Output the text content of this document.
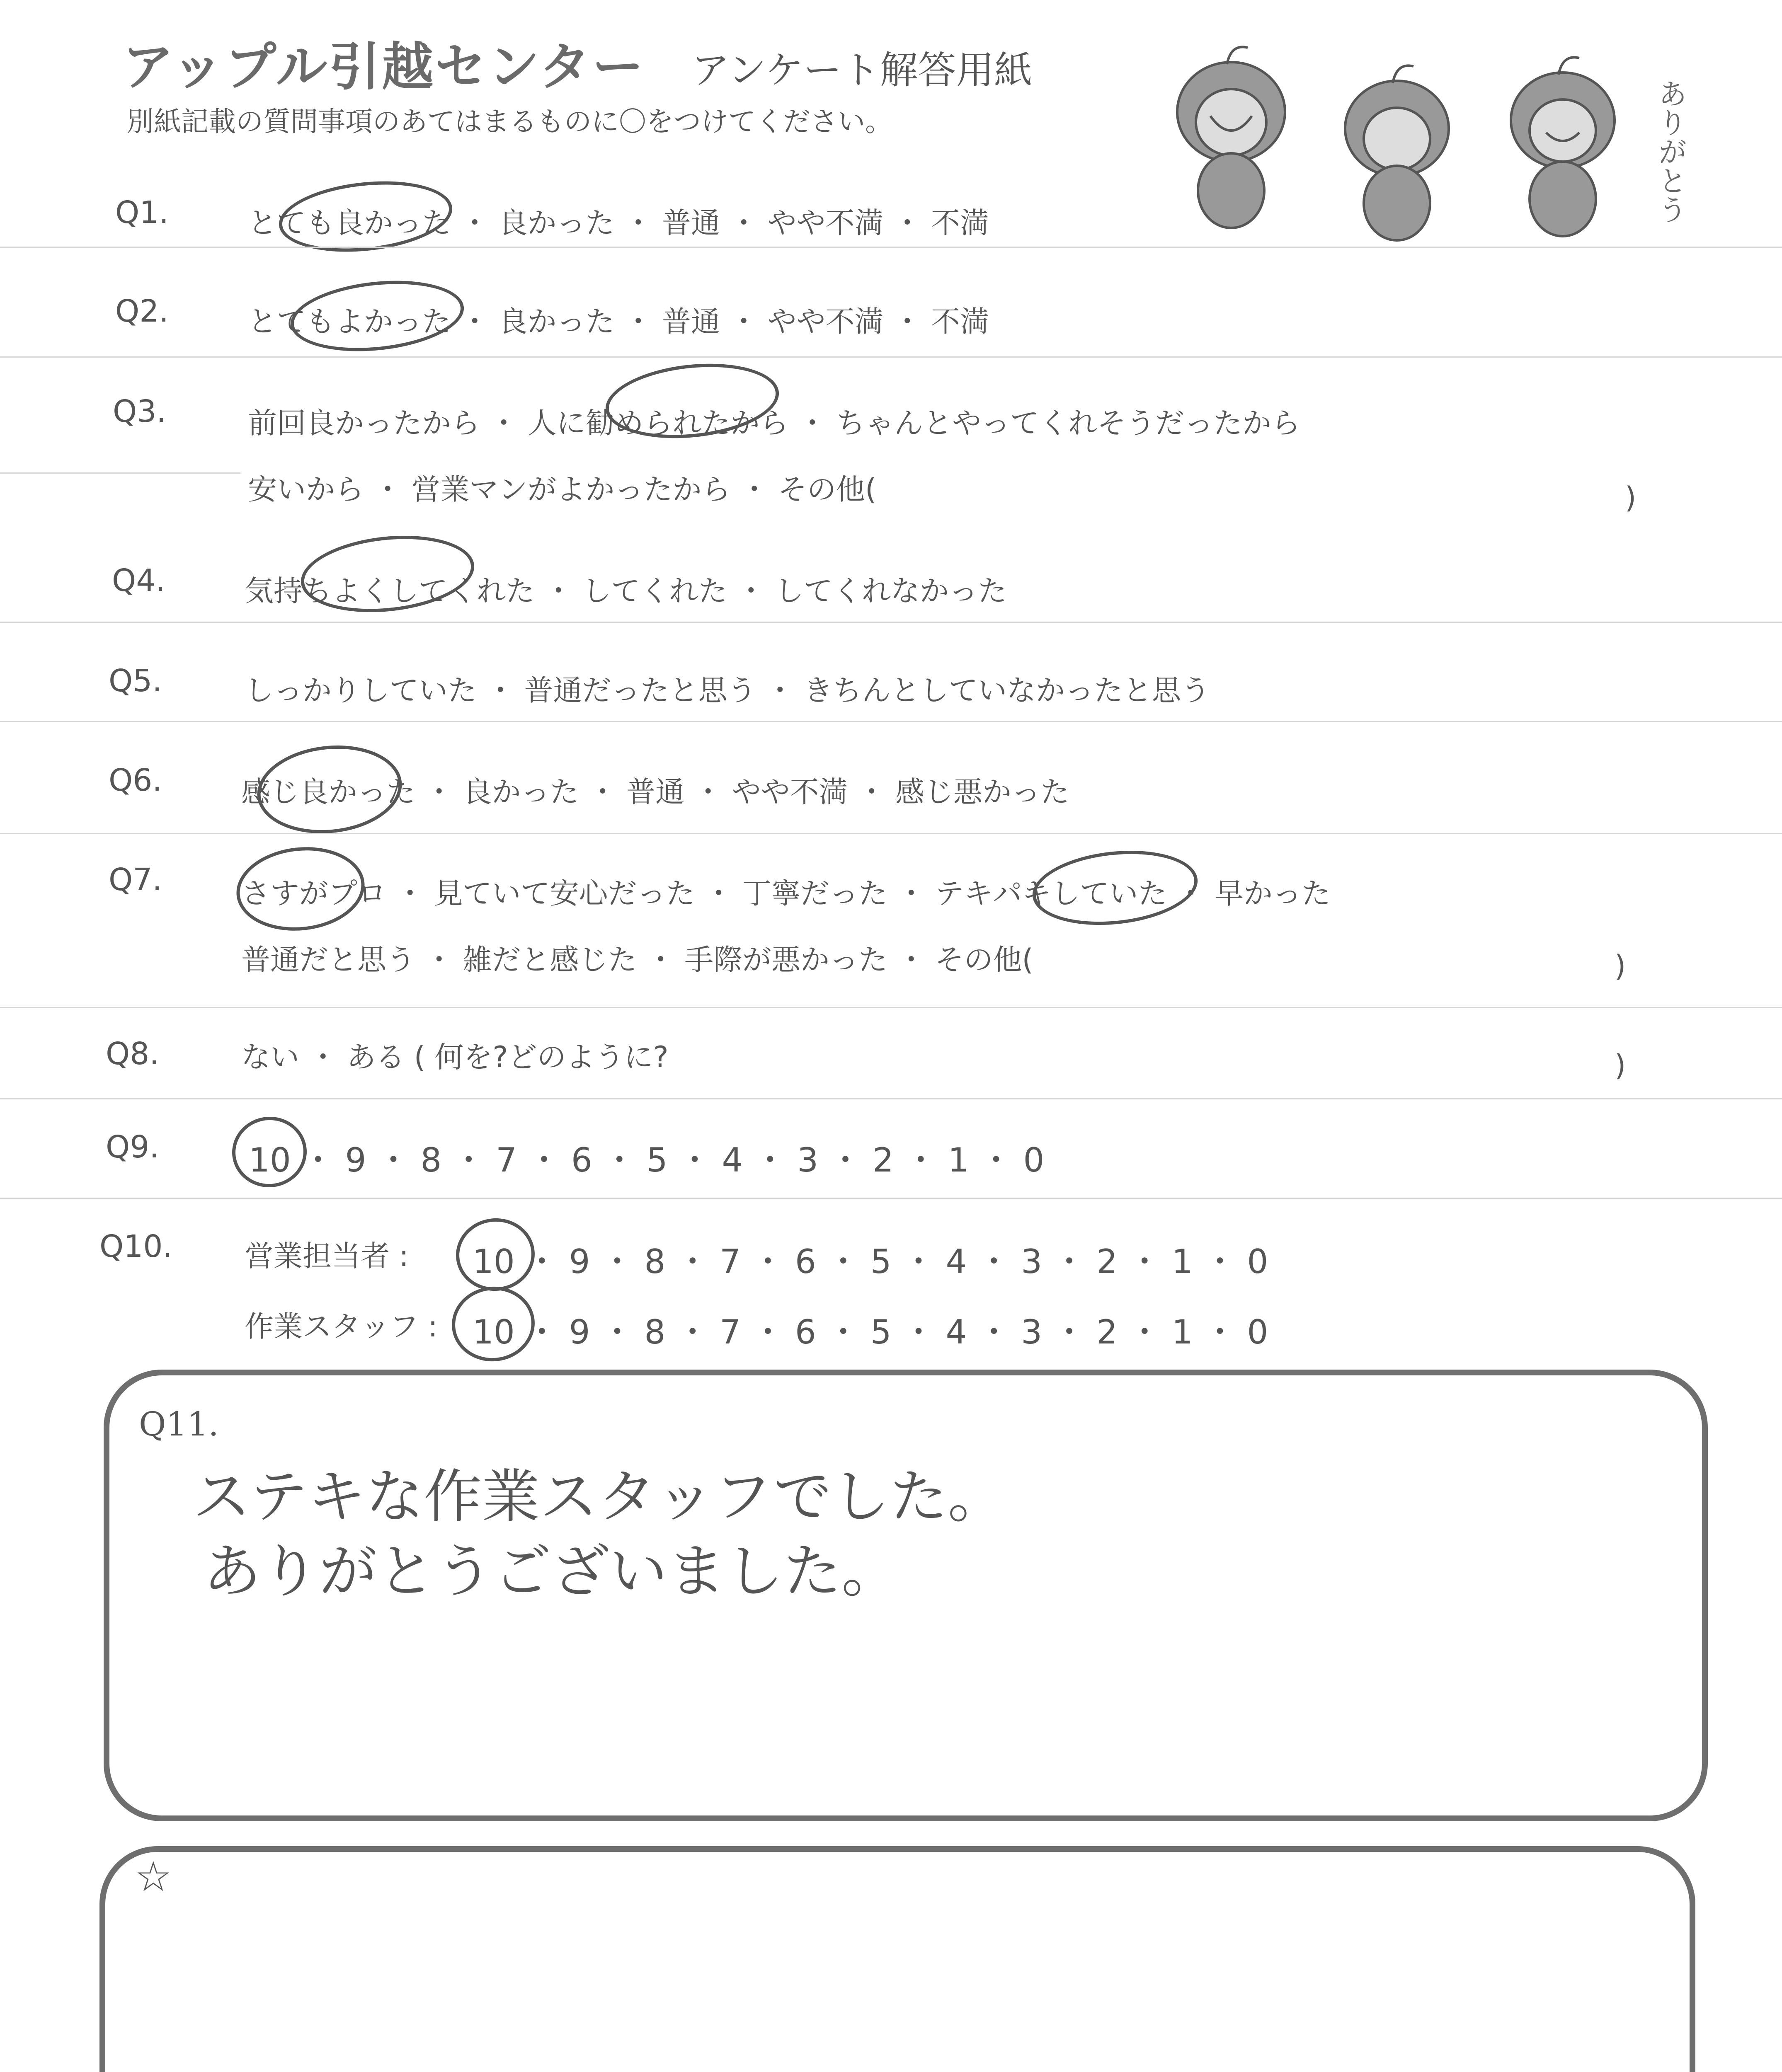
アップル引越センター アンケート解答用紙
別紙記載の質問事項のあてはまるものに〇をつけてください。	ありがとう
Q1.	とても良かった ・ 良かった ・ 普通 ・ やや不満 ・ 不満
Q2.	とてもよかった ・ 良かった ・ 普通 ・ やや不満 ・ 不満
Q3.	前回良かったから ・ 人に勧められたから ・ ちゃんとやってくれそうだったから
安いから ・ 営業マンがよかったから ・ その他(	)
Q4.	気持ちよくしてくれた ・ してくれた ・ してくれなかった
Q5.	しっかりしていた ・ 普通だったと思う ・ きちんとしていなかったと思う
Q6.	感じ良かった ・ 良かった ・ 普通 ・ やや不満 ・ 感じ悪かった
Q7.	さすがプロ ・ 見ていて安心だった ・ 丁寧だった ・ テキパキしていた ・ 早かった
普通だと思う ・ 雑だと感じた ・ 手際が悪かった ・ その他(	)
Q8.	ない ・ ある ( 何を?どのように?	)
Q9.	10 ・ 9 ・ 8 ・ 7 ・ 6 ・ 5 ・ 4 ・ 3 ・ 2 ・ 1 ・ 0
Q10. 営業担当者 : 10 ・ 9 ・ 8 ・ 7 ・ 6 ・ 5 ・ 4 ・ 3 ・ 2 ・ 1 ・ 0
作業スタッフ : 10 ・ 9 ・ 8 ・ 7 ・ 6 ・ 5 ・ 4 ・ 3 ・ 2 ・ 1 ・ 0
Q11.
ステキな作業スタッフでした。
ありがとうございました。
☆
